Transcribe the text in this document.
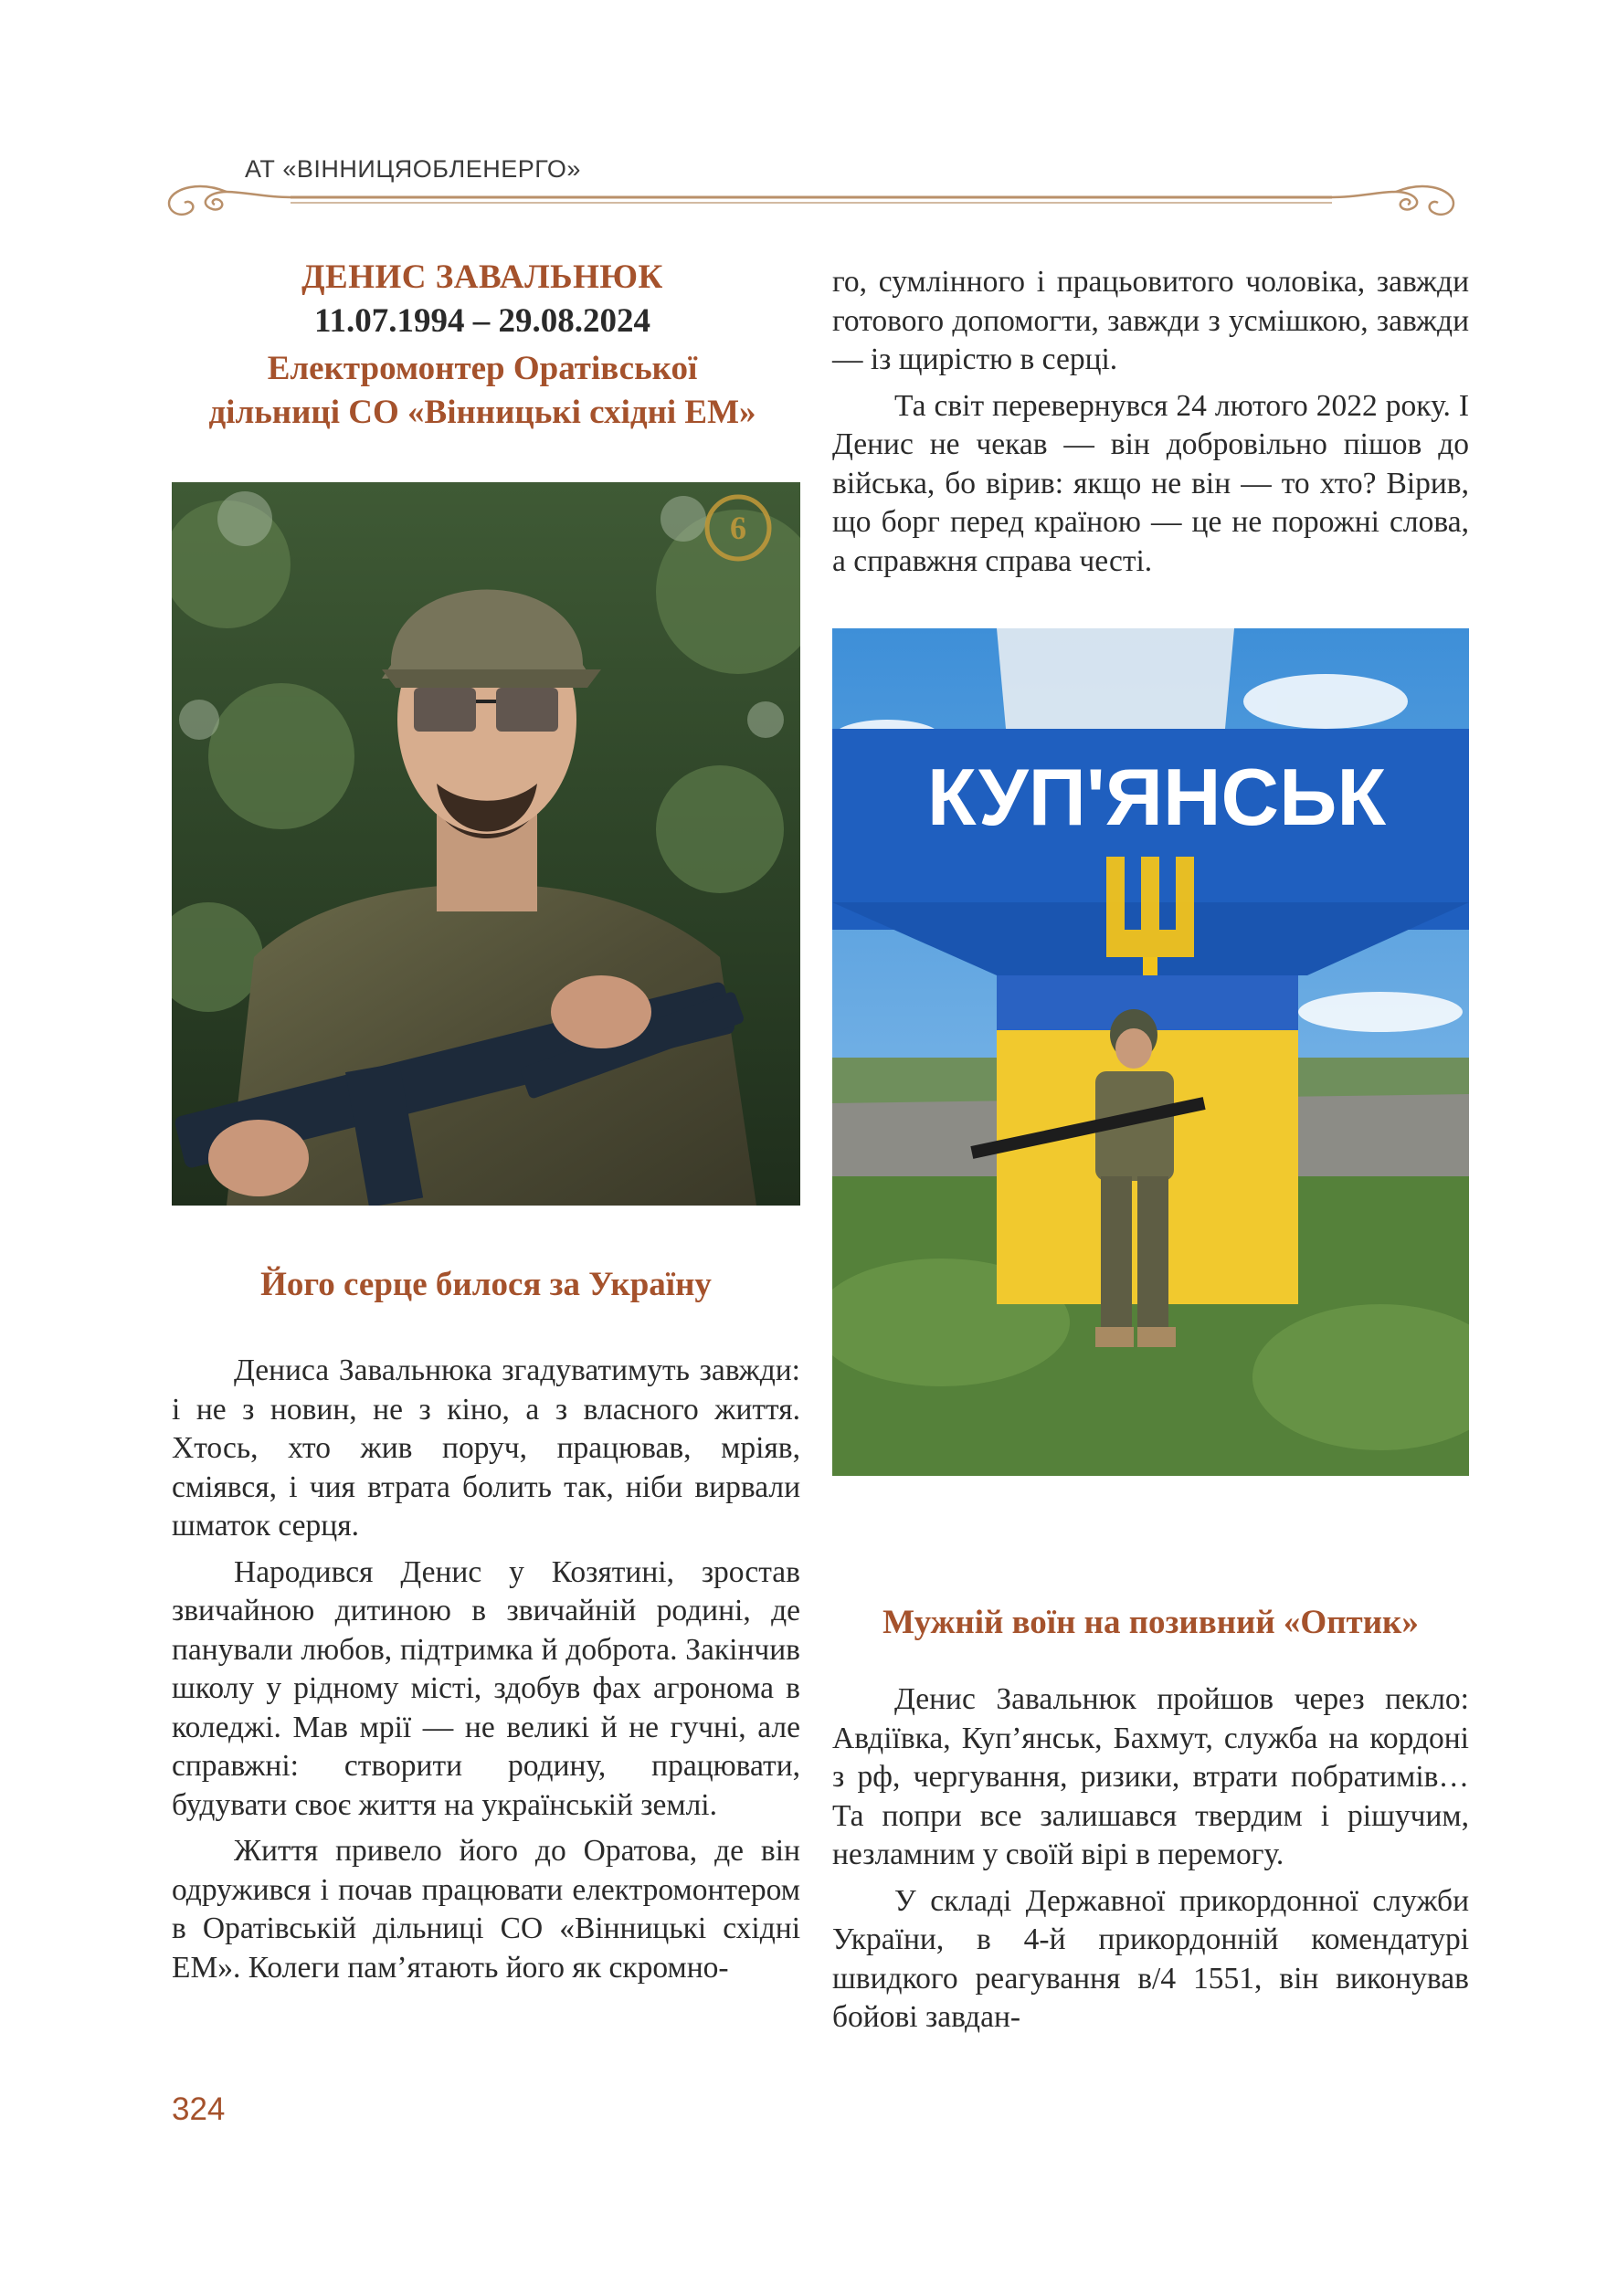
АТ «ВІННИЦЯОБЛЕНЕРГО»
ДЕНИС ЗАВАЛЬНЮК
11.07.1994 – 29.08.2024
Електромонтер Оратівської
дільниці СО «Вінницькі східні ЕМ»
6
КУП'ЯНСЬК
Його серце билося за Україну

Дениса Завальнюка згадуватимуть завжди: і не з новин, не з кіно, а з власного життя. Хтось, хто жив поруч, працював, мріяв, сміявся, і чия втрата болить так, ніби вирвали шматок серця.

Народився Денис у Козятині, зростав звичайною дитиною в звичайній родині, де панували любов, підтримка й доброта. Закінчив школу у рідному місті, здобув фах агронома в коледжі. Мав мрії — не великі й не гучні, але справжні: створити родину, працювати, будувати своє життя на українській землі.

Життя привело його до Оратова, де він одружився і почав працювати електромонтером в Оратівській дільниці СО «Вінницькі східні ЕМ». Колеги пам’ятають його як скромно-

го, сумлінного і працьовитого чоловіка, завжди готового допомогти, завжди з усмішкою, завжди — із щирістю в серці.

Та світ перевернувся 24 лютого 2022 року. І Денис не чекав — він добровільно пішов до війська, бо вірив: якщо не він — то хто? Вірив, що борг перед країною — це не порожні слова, а справжня справа честі.

Мужній воїн на позивний «Оптик»

Денис Завальнюк пройшов через пекло: Авдіївка, Куп’янськ, Бахмут, служба на кордоні з рф, чергування, ризики, втрати побратимів… Та попри все залишався твердим і рішучим, незламним у своїй вірі в перемогу.

У складі Державної прикордонної служби України, в 4-й прикордонній комендатурі швидкого реагування в/4 1551, він виконував бойові завдан-

324
